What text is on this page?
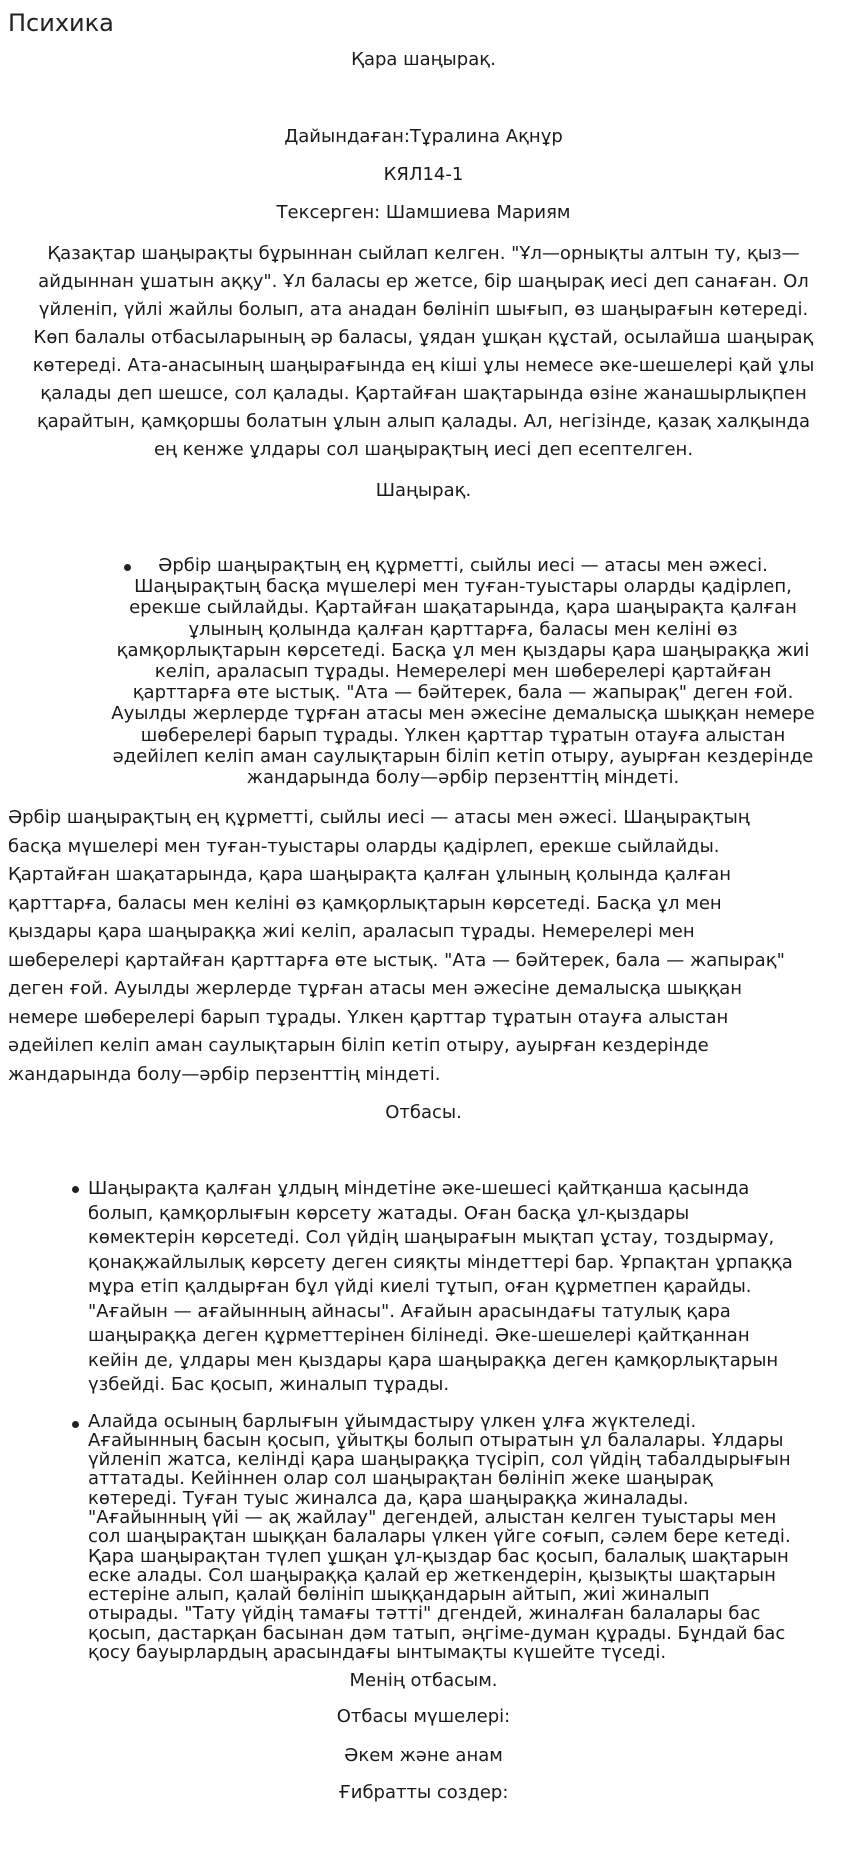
Психика
Қара шаңырақ.
Дайындаған:Тұралина Ақнұр
КЯЛ14-1
Тексерген: Шамшиева Мариям
Қазақтар шаңырақты бұрыннан сыйлап келген. "Ұл—орнықты алтын ту, қыз—
айдыннан ұшатын аққу". Ұл баласы ер жетсе, бір шаңырақ иесі деп санаған. Ол
үйленіп, үйлі жайлы болып, ата анадан бөлініп шығып, өз шаңырағын көтереді.
Көп балалы отбасыларының әр баласы, ұядан ұшқан құстай, осылайша шаңырақ
көтереді. Ата-анасының шаңырағында ең кіші ұлы немесе әке-шешелері қай ұлы
қалады деп шешсе, сол қалады. Қартайған шақтарында өзіне жанашырлықпен
қарайтын, қамқоршы болатын ұлын алып қалады. Ал, негізінде, қазақ халқында
ең кенже ұлдары сол шаңырақтың иесі деп есептелген.
Шаңырақ.
Әрбір шаңырақтың ең құрметті, сыйлы иесі — атасы мен әжесі.
Шаңырақтың басқа мүшелері мен туған-туыстары оларды қадірлеп,
ерекше сыйлайды. Қартайған шақатарында, қара шаңырақта қалған
ұлының қолында қалған қарттарға, баласы мен келіні өз
қамқорлықтарын көрсетеді. Басқа ұл мен қыздары қара шаңыраққа жиі
келіп, араласып тұрады. Немерелері мен шөберелері қартайған
қарттарға өте ыстық. "Ата — бәйтерек, бала — жапырақ" деген ғой.
Ауылды жерлерде тұрған атасы мен әжесіне демалысқа шыққан немере
шөберелері барып тұрады. Үлкен қарттар тұратын отауға алыстан
әдейілеп келіп аман саулықтарын біліп кетіп отыру, ауырған кездерінде
жандарында болу—әрбір перзенттің міндеті.
Әрбір шаңырақтың ең құрметті, сыйлы иесі — атасы мен әжесі. Шаңырақтың
басқа мүшелері мен туған-туыстары оларды қадірлеп, ерекше сыйлайды.
Қартайған шақатарында, қара шаңырақта қалған ұлының қолында қалған
қарттарға, баласы мен келіні өз қамқорлықтарын көрсетеді. Басқа ұл мен
қыздары қара шаңыраққа жиі келіп, араласып тұрады. Немерелері мен
шөберелері қартайған қарттарға өте ыстық. "Ата — бәйтерек, бала — жапырақ"
деген ғой. Ауылды жерлерде тұрған атасы мен әжесіне демалысқа шыққан
немере шөберелері барып тұрады. Үлкен қарттар тұратын отауға алыстан
әдейілеп келіп аман саулықтарын біліп кетіп отыру, ауырған кездерінде
жандарында болу—әрбір перзенттің міндеті.
Отбасы.
Шаңырақта қалған ұлдың міндетіне әке-шешесі қайтқанша қасында
болып, қамқорлығын көрсету жатады. Оған басқа ұл-қыздары
көмектерін көрсетеді. Сол үйдің шаңырағын мықтап ұстау, тоздырмау,
қонақжайлылық көрсету деген сияқты міндеттері бар. Ұрпақтан ұрпаққа
мұра етіп қалдырған бұл үйді киелі тұтып, оған құрметпен қарайды.
"Ағайын — ағайынның айнасы". Ағайын арасындағы татулық қара
шаңыраққа деген құрметтерінен білінеді. Әке-шешелері қайтқаннан
кейін де, ұлдары мен қыздары қара шаңыраққа деген қамқорлықтарын
үзбейді. Бас қосып, жиналып тұрады.
Алайда осының барлығын ұйымдастыру үлкен ұлға жүктеледі.
Ағайынның басын қосып, ұйытқы болып отыратын ұл балалары. Ұлдары
үйленіп жатса, келінді қара шаңыраққа түсіріп, сол үйдің табалдырығын
аттатады. Кейіннен олар сол шаңырақтан бөлініп жеке шаңырақ
көтереді. Туған туыс жиналса да, қара шаңыраққа жиналады.
"Ағайынның үйі — ақ жайлау" дегендей, алыстан келген туыстары мен
сол шаңырақтан шыққан балалары үлкен үйге соғып, сәлем бере кетеді.
Қара шаңырақтан түлеп ұшқан ұл-қыздар бас қосып, балалық шақтарын
еске алады. Сол шаңыраққа қалай ер жеткендерін, қызықты шақтарын
естеріне алып, қалай бөлініп шыққандарын айтып, жиі жиналып
отырады. "Тату үйдің тамағы тәтті" дгендей, жиналған балалары бас
қосып, дастарқан басынан дәм татып, әңгіме-думан құрады. Бұндай бас
қосу бауырлардың арасындағы ынтымақты күшейте түседі.
Менің отбасым.
Отбасы мүшелері:
Әкем және анам
Ғибратты создер:
